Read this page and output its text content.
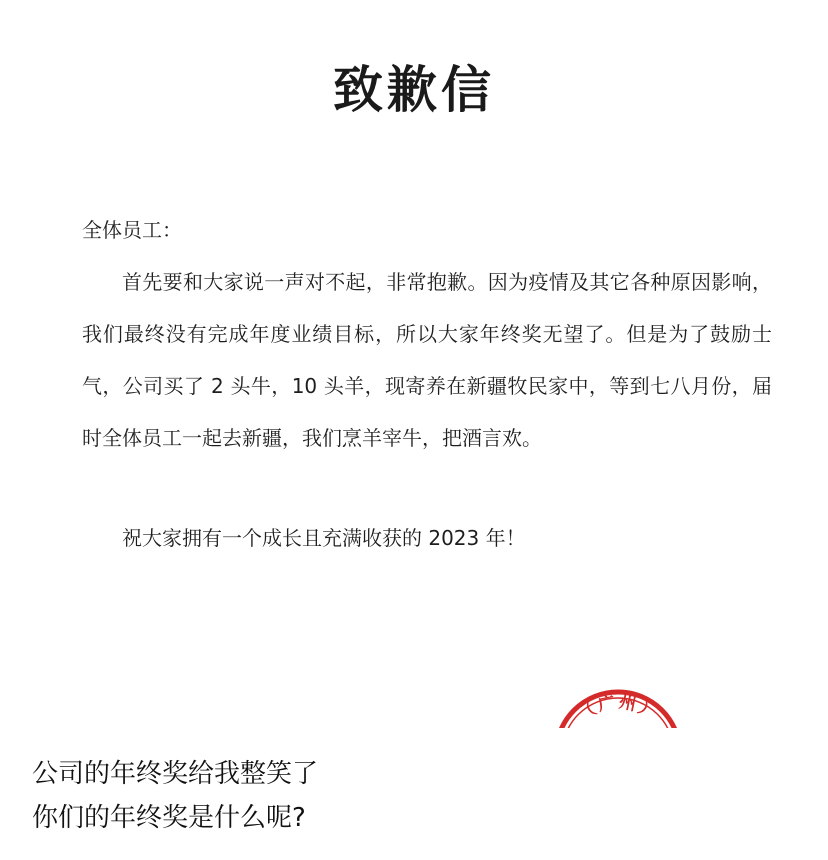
致歉信
全体员工：
首先要和大家说一声对不起，非常抱歉。因为疫情及其它各种原因影响，我们最终没有完成年度业绩目标，所以大家年终奖无望了。但是为了鼓励士气，公司买了 2 头牛，10 头羊，现寄养在新疆牧民家中，等到七八月份，届时全体员工一起去新疆，我们烹羊宰牛，把酒言欢。
祝大家拥有一个成长且充满收获的 2023 年！
（广州）
公司的年终奖给我整笑了
你们的年终奖是什么呢?
